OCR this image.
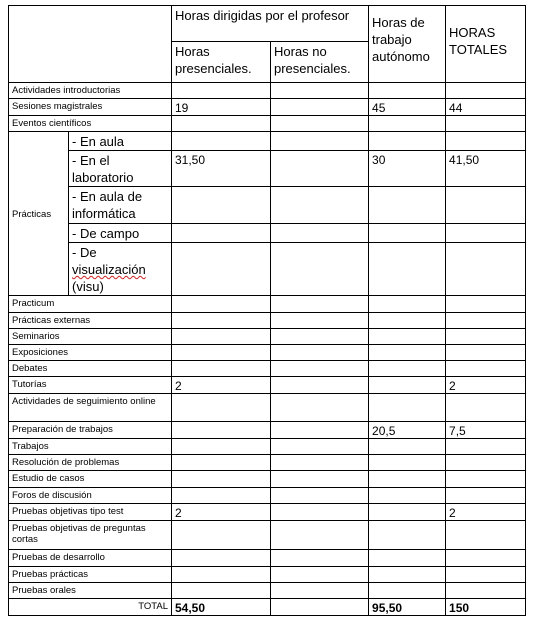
		Horas dirigidas por el profesor		Horas de trabajo autónomo	HORAS TOTALES
		Horas presenciales.	Horas no presenciales.		
Actividades introductorias					
Sesiones magistrales		19		45	44
Eventos científicos					
Prácticas	- En aula				
	- En el laboratorio	31,50		30	41,50
	- En aula de informática				
	- De campo				
	- De visualización (visu)				
Practicum					
Prácticas externas					
Seminarios					
Exposiciones					
Debates					
Tutorías		2			2
Actividades de seguimiento online					
Preparación de trabajos				20,5	7,5
Trabajos					
Resolución de problemas					
Estudio de casos					
Foros de discusión					
Pruebas objetivas tipo test		2			2
Pruebas objetivas de preguntas cortas					
Pruebas de desarrollo					
Pruebas prácticas					
Pruebas orales					
TOTAL		54,50		95,50	150
